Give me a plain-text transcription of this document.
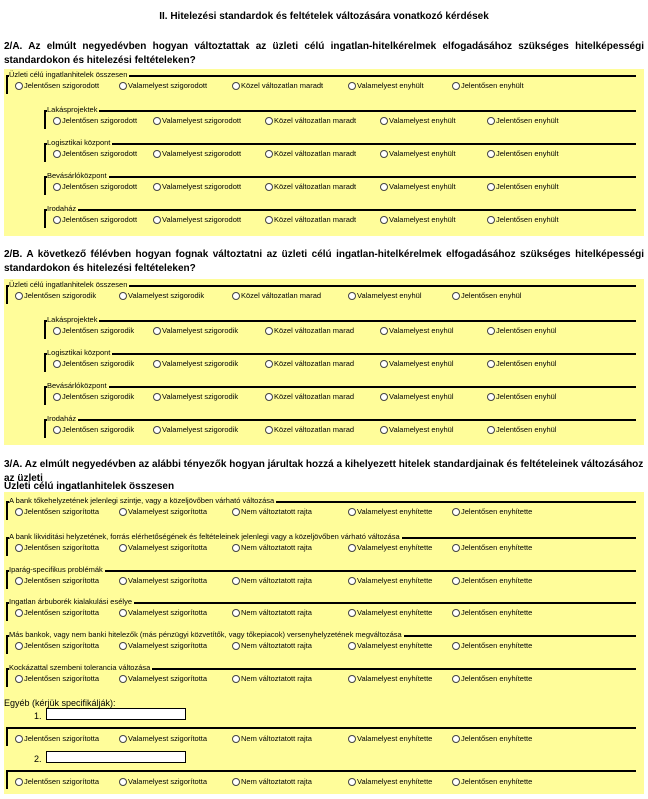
II. Hitelezési standardok és feltételek változására vonatkozó kérdések
2/A. Az elmúlt negyedévben hogyan változtattak az üzleti célú ingatlan-hitelkérelmek elfogadásához szükséges hitelképességi standardokon és hitelezési feltételeken?
Üzleti célú ingatlanhitelek összesen
Jelentősen szigorodott	Valamelyest szigorodott	Közel változatlan maradt	Valamelyest enyhült	Jelentősen enyhült
Lakásprojektek
Jelentősen szigorodott	Valamelyest szigorodott	Közel változatlan maradt	Valamelyest enyhült	Jelentősen enyhült
Logisztikai központ
Jelentősen szigorodott	Valamelyest szigorodott	Közel változatlan maradt	Valamelyest enyhült	Jelentősen enyhült
Bevásárlóközpont
Jelentősen szigorodott	Valamelyest szigorodott	Közel változatlan maradt	Valamelyest enyhült	Jelentősen enyhült
Irodaház
Jelentősen szigorodott	Valamelyest szigorodott	Közel változatlan maradt	Valamelyest enyhült	Jelentősen enyhült
2/B. A következő félévben hogyan fognak változtatni az üzleti célú ingatlan-hitelkérelmek elfogadásához szükséges hitelképességi standardokon és hitelezési feltételeken?
Üzleti célú ingatlanhitelek összesen
Jelentősen szigorodik	Valamelyest szigorodik	Közel változatlan marad	Valamelyest enyhül	Jelentősen enyhül
Lakásprojektek
Jelentősen szigorodik	Valamelyest szigorodik	Közel változatlan marad	Valamelyest enyhül	Jelentősen enyhül
Logisztikai központ
Jelentősen szigorodik	Valamelyest szigorodik	Közel változatlan marad	Valamelyest enyhül	Jelentősen enyhül
Bevásárlóközpont
Jelentősen szigorodik	Valamelyest szigorodik	Közel változatlan marad	Valamelyest enyhül	Jelentősen enyhül
Irodaház
Jelentősen szigorodik	Valamelyest szigorodik	Közel változatlan marad	Valamelyest enyhül	Jelentősen enyhül
3/A. Az elmúlt negyedévben az alábbi tényezők hogyan járultak hozzá a kihelyezett hitelek standardjainak és feltételeinek változásához az üzleti
Üzleti célú ingatlanhitelek összesen
Egyéb (kérjük specifikálják):
1.
2.
A bank tőkehelyzetének jelenlegi szintje, vagy a közeljövőben várható változása
Jelentősen szigorította	Valamelyest szigorította	Nem változtatott rajta	Valamelyest enyhítette	Jelentősen enyhítette
A bank likviditási helyzetének, forrás elérhetőségének és feltételeinek jelenlegi vagy a közeljövőben várható változása
Jelentősen szigorította	Valamelyest szigorította	Nem változtatott rajta	Valamelyest enyhítette	Jelentősen enyhítette
Iparág-specifikus problémák
Jelentősen szigorította	Valamelyest szigorította	Nem változtatott rajta	Valamelyest enyhítette	Jelentősen enyhítette
Ingatlan árbuborék kialakulási esélye
Jelentősen szigorította	Valamelyest szigorította	Nem változtatott rajta	Valamelyest enyhítette	Jelentősen enyhítette
Más bankok, vagy nem banki hitelezők (más pénzügyi közvetítők, vagy tőkepiacok) versenyhelyzetének megváltozása
Jelentősen szigorította	Valamelyest szigorította	Nem változtatott rajta	Valamelyest enyhítette	Jelentősen enyhítette
Kockázattal szembeni tolerancia változása
Jelentősen szigorította	Valamelyest szigorította	Nem változtatott rajta	Valamelyest enyhítette	Jelentősen enyhítette
Jelentősen szigorította	Valamelyest szigorította	Nem változtatott rajta	Valamelyest enyhítette	Jelentősen enyhítette
Jelentősen szigorította	Valamelyest szigorította	Nem változtatott rajta	Valamelyest enyhítette	Jelentősen enyhítette
